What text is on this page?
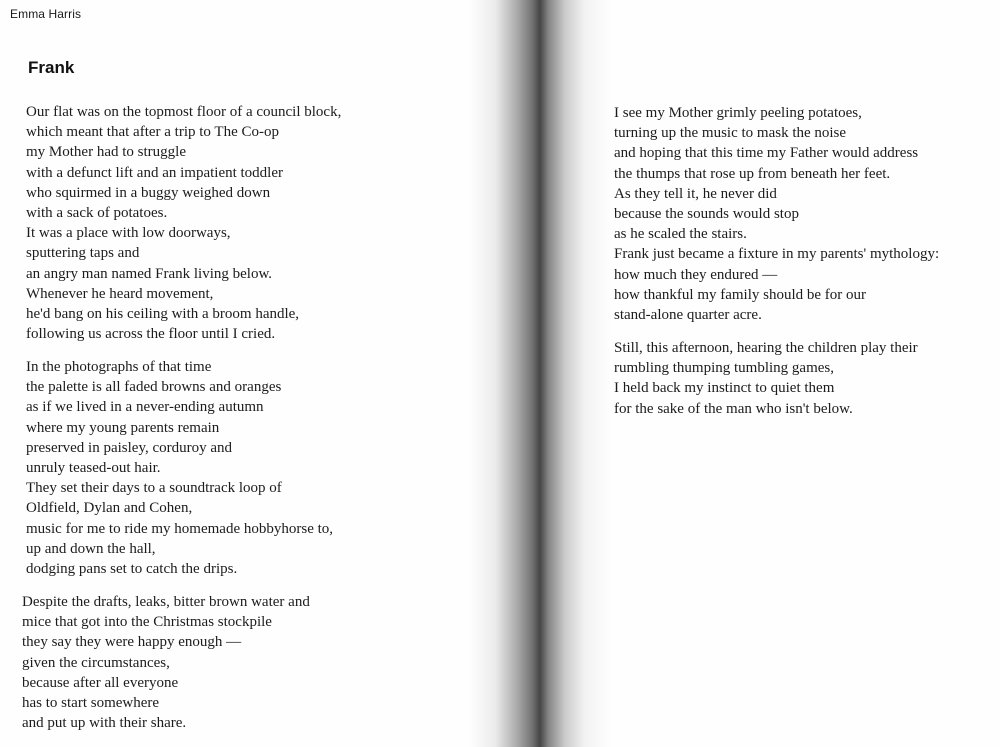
Emma Harris
Frank
Our flat was on the topmost floor of a council block,
which meant that after a trip to The Co-op
my Mother had to struggle
with a defunct lift and an impatient toddler
who squirmed in a buggy weighed down
with a sack of potatoes.
It was a place with low doorways,
sputtering taps and
an angry man named Frank living below.
Whenever he heard movement,
he'd bang on his ceiling with a broom handle,
following us across the floor until I cried.
In the photographs of that time
the palette is all faded browns and oranges
as if we lived in a never-ending autumn
where my young parents remain
preserved in paisley, corduroy and
unruly teased-out hair.
They set their days to a soundtrack loop of
Oldfield, Dylan and Cohen,
music for me to ride my homemade hobbyhorse to,
up and down the hall,
dodging pans set to catch the drips.
Despite the drafts, leaks, bitter brown water and
mice that got into the Christmas stockpile
they say they were happy enough —
given the circumstances,
because after all everyone
has to start somewhere
and put up with their share.
I see my Mother grimly peeling potatoes,
turning up the music to mask the noise
and hoping that this time my Father would address
the thumps that rose up from beneath her feet.
As they tell it, he never did
because the sounds would stop
as he scaled the stairs.
Frank just became a fixture in my parents' mythology:
how much they endured —
how thankful my family should be for our
stand-alone quarter acre.
Still, this afternoon, hearing the children play their
rumbling thumping tumbling games,
I held back my instinct to quiet them
for the sake of the man who isn't below.
